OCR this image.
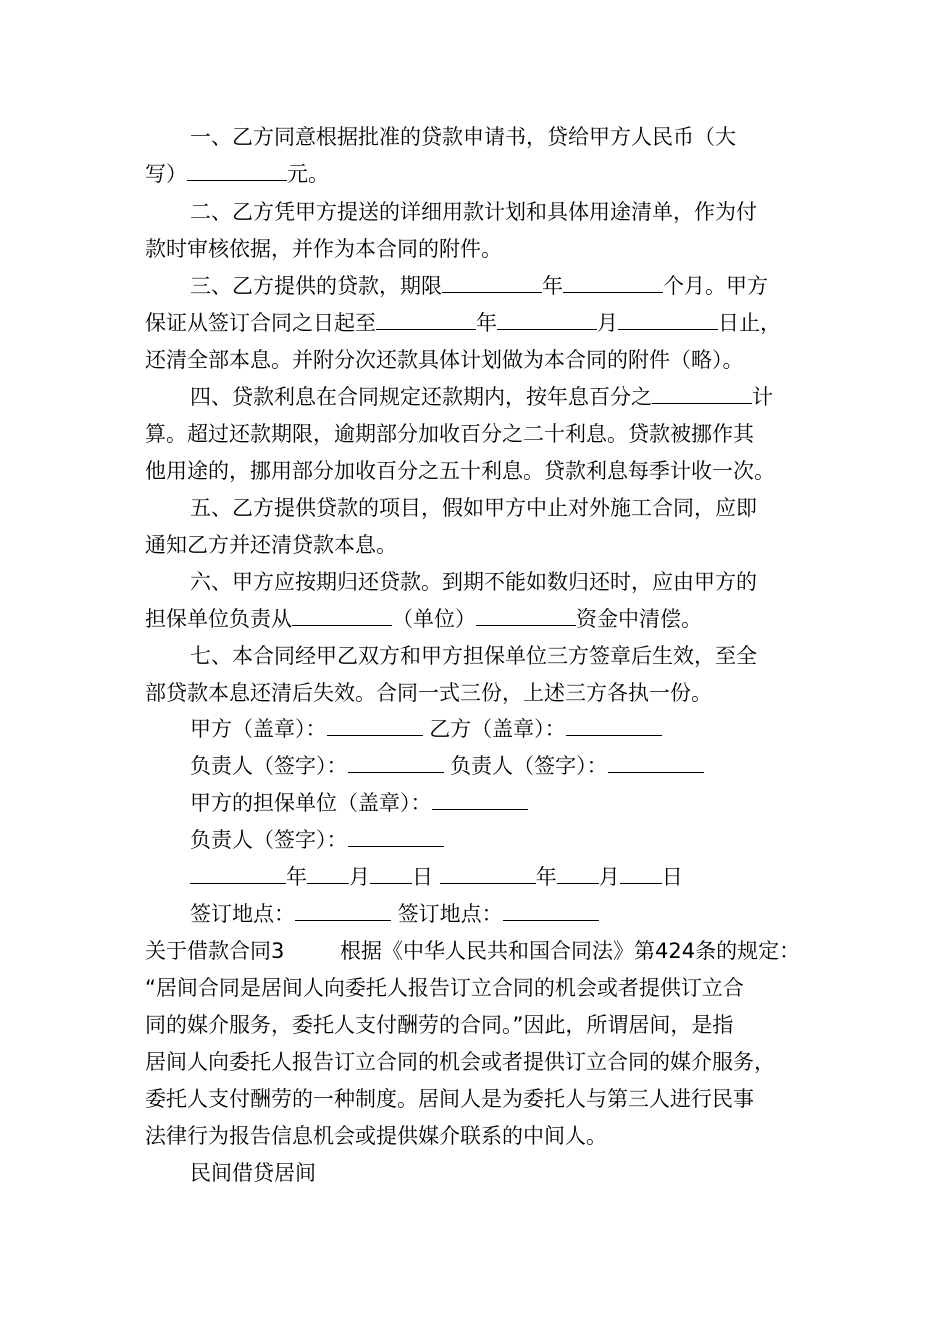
一、乙方同意根据批准的贷款申请书，贷给甲方人民币（大
写）	元。
二、乙方凭甲方提送的详细用款计划和具体用途清单，作为付
款时审核依据，并作为本合同的附件。
三、乙方提供的贷款，期限	年	个月。甲方
保证从签订合同之日起至	年	月	日止，
还清全部本息。并附分次还款具体计划做为本合同的附件（略）。
四、贷款利息在合同规定还款期内，按年息百分之	计
算。超过还款期限，逾期部分加收百分之二十利息。贷款被挪作其
他用途的，挪用部分加收百分之五十利息。贷款利息每季计收一次。
五、乙方提供贷款的项目，假如甲方中止对外施工合同，应即
通知乙方并还清贷款本息。
六、甲方应按期归还贷款。到期不能如数归还时，应由甲方的
担保单位负责从	（单位）	资金中清偿。
七、本合同经甲乙双方和甲方担保单位三方签章后生效，至全
部贷款本息还清后失效。合同一式三份，上述三方各执一份。
甲方（盖章）：	乙方（盖章）：
负责人（签字）：	负责人（签字）：
甲方的担保单位（盖章）：
负责人（签字）：
年 月 日	年 月 日
签订地点：	签订地点：
关于借款合同3	根据《中华人民共和国合同法》第424条的规定：
“居间合同是居间人向委托人报告订立合同的机会或者提供订立合
同的媒介服务，委托人支付酬劳的合同。”因此，所谓居间，是指
居间人向委托人报告订立合同的机会或者提供订立合同的媒介服务，
委托人支付酬劳的一种制度。居间人是为委托人与第三人进行民事
法律行为报告信息机会或提供媒介联系的中间人。
民间借贷居间
